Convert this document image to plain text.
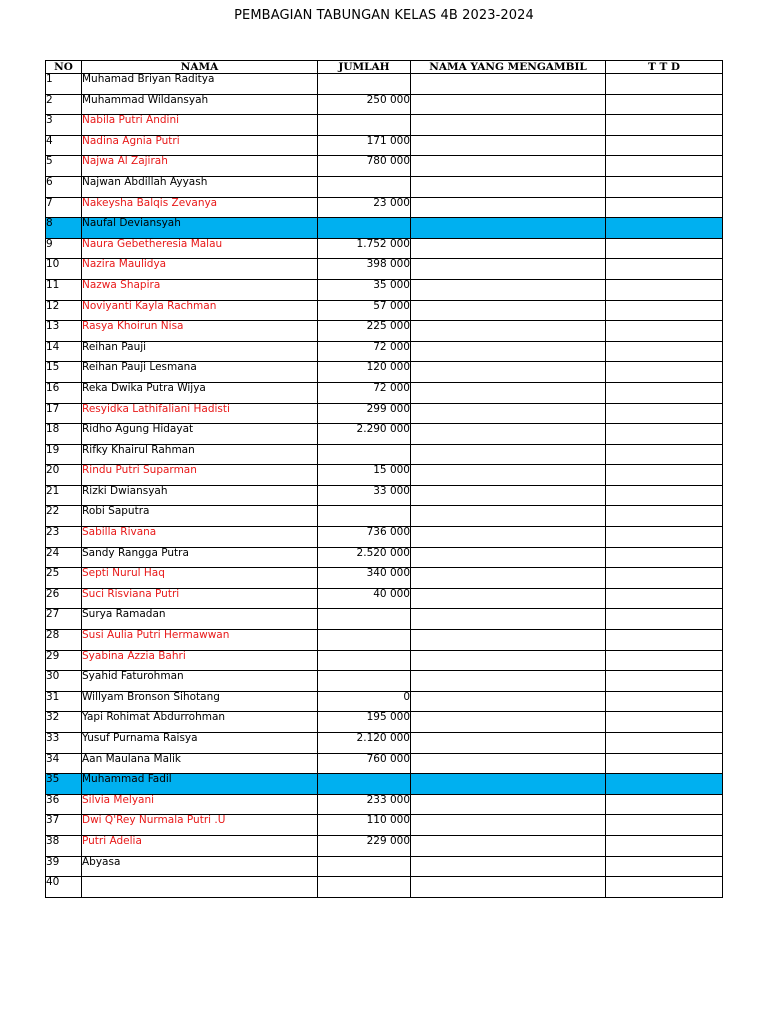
PEMBAGIAN TABUNGAN KELAS 4B 2023-2024
NO	NAMA	JUMLAH	NAMA YANG MENGAMBIL	T T D
1	Muhamad Briyan Raditya			
2	Muhammad Wildansyah	250 000		
3	Nabila Putri Andini			
4	Nadina Agnia Putri	171 000		
5	Najwa Al Zajirah	780 000		
6	Najwan Abdillah Ayyash			
7	Nakeysha Balqis Zevanya	23 000		
8	Naufal Deviansyah			
9	Naura Gebetheresia Malau	1.752 000		
10	Nazira Maulidya	398 000		
11	Nazwa Shapira	35 000		
12	Noviyanti Kayla Rachman	57 000		
13	Rasya Khoirun Nisa	225 000		
14	Reihan Pauji	72 000		
15	Reihan Pauji Lesmana	120 000		
16	Reka Dwika Putra Wijya	72 000		
17	Resyidka Lathifaliani Hadisti	299 000		
18	Ridho Agung Hidayat	2.290 000		
19	Rifky Khairul Rahman			
20	Rindu Putri Suparman	15 000		
21	Rizki Dwiansyah	33 000		
22	Robi Saputra			
23	Sabilla Rivana	736 000		
24	Sandy Rangga Putra	2.520 000		
25	Septi Nurul Haq	340 000		
26	Suci Risviana Putri	40 000		
27	Surya Ramadan			
28	Susi Aulia Putri Hermawwan			
29	Syabina Azzia Bahri			
30	Syahid Faturohman			
31	Willyam Bronson Sihotang	0		
32	Yapi Rohimat Abdurrohman	195 000		
33	Yusuf Purnama Raisya	2.120 000		
34	Aan Maulana Malik	760 000		
35	Muhammad Fadil			
36	Silvia Melyani	233 000		
37	Dwi Q'Rey Nurmala Putri .U	110 000		
38	Putri Adelia	229 000		
39	Abyasa			
40				
